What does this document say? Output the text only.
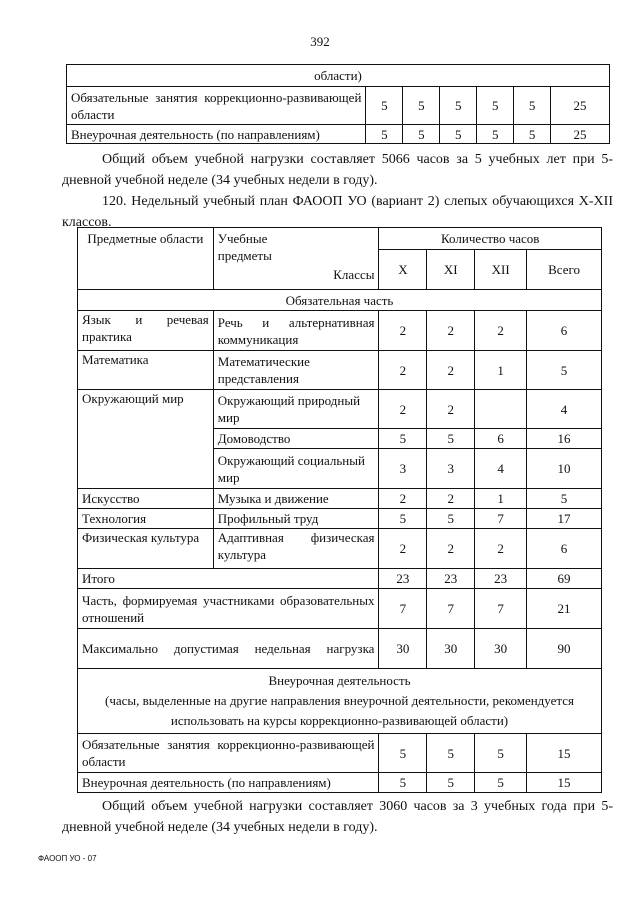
392
области)						
Обязательные занятия коррекционно-развивающей области	5	5	5	5	5	25
Внеурочная деятельность (по направлениям)	5	5	5	5	5	25
Общий объем учебной нагрузки составляет 5066 часов за 5 учебных лет при 5-дневной учебной неделе (34 учебных недели в году).
120. Недельный учебный план ФАООП УО (вариант 2) слепых обучающихся X-XII классов.
Предметные области	Учебные предметы
Классы	Количество часов			
		X	XI	XII	Всего
Обязательная часть					
Язык и речевая практика	Речь и альтернативная коммуникация	2	2	2	6
Математика	Математические представления	2	2	1	5
Окружающий мир	Окружающий природный мир	2	2		4
	Домоводство	5	5	6	16
	Окружающий социальный мир	3	3	4	10
Искусство	Музыка и движение	2	2	1	5
Технология	Профильный труд	5	5	7	17
Физическая культура	Адаптивная физическая культура	2	2	2	6
Итого		23	23	23	69
Часть, формируемая участниками образовательных отношений		7	7	7	21
Максимально допустимая недельная нагрузка		30	30	30	90

Внеурочная деятельность
(часы, выделенные на другие направления внеурочной деятельности, рекомендуется использовать на курсы коррекционно-развивающей области)					

Обязательные занятия коррекционно-развивающей области		5	5	5	15
Внеурочная деятельность (по направлениям)		5	5	5	15
Общий объем учебной нагрузки составляет 3060 часов за 3 учебных года при 5-дневной учебной неделе (34 учебных недели в году).
ФАООП УО - 07
